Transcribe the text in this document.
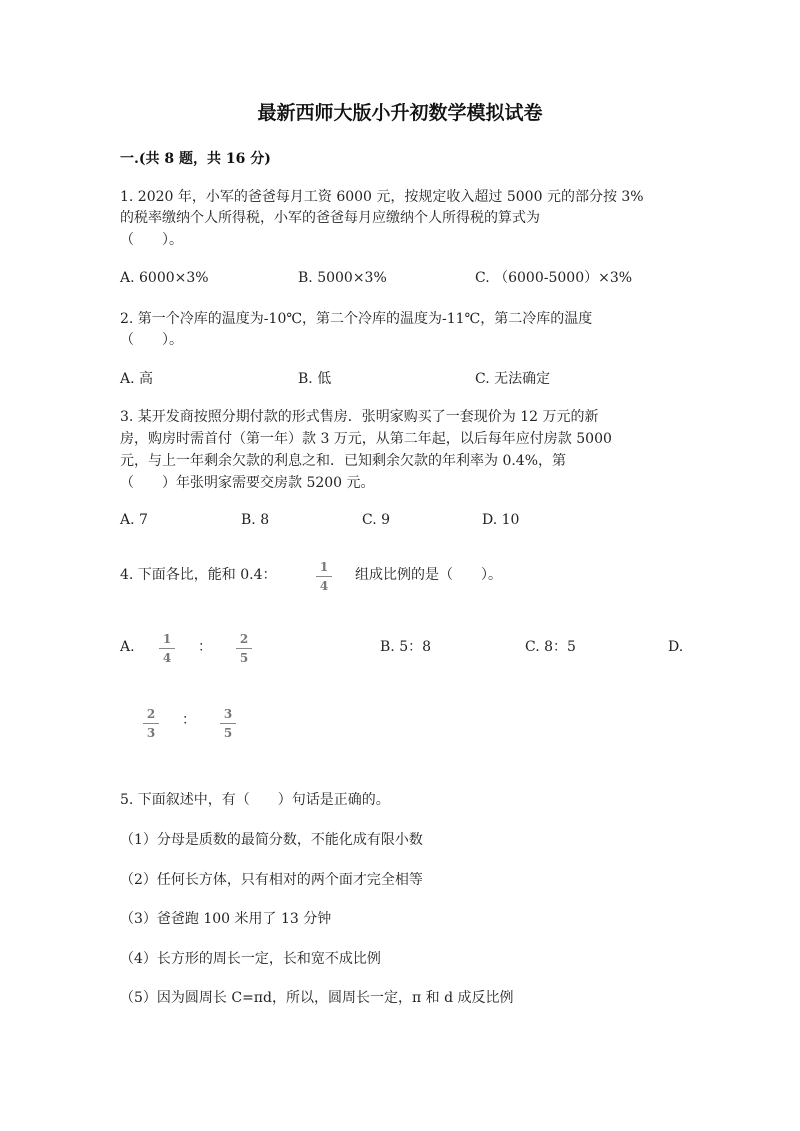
最新西师大版小升初数学模拟试卷
一.(共 8 题，共 16 分)
1. 2020 年，小军的爸爸每月工资 6000 元，按规定收入超过 5000 元的部分按 3%
的税率缴纳个人所得税，小军的爸爸每月应缴纳个人所得税的算式为
（　　）。
A. 6000×3%	B. 5000×3%	C. （6000-5000）×3%
2. 第一个冷库的温度为-10℃，第二个冷库的温度为-11℃，第二冷库的温度
（　　）。
A. 高	B. 低	C. 无法确定
3. 某开发商按照分期付款的形式售房．张明家购买了一套现价为 12 万元的新
房，购房时需首付（第一年）款 3 万元，从第二年起，以后每年应付房款 5000
元，与上一年剩余欠款的利息之和．已知剩余欠款的年利率为 0.4%，第
（　　）年张明家需要交房款 5200 元。
A. 7	B. 8	C. 9	D. 10
4. 下面各比，能和 0.4：	1
4
组成比例的是（　　）。
A.	1
4
：	2
5
B. 5：8	C. 8：5	D.
2
3
：	3
5
5. 下面叙述中，有（　　）句话是正确的。
（1）分母是质数的最简分数，不能化成有限小数
（2）任何长方体，只有相对的两个面才完全相等
（3）爸爸跑 100 米用了 13 分钟
（4）长方形的周长一定，长和宽不成比例
（5）因为圆周长 C=πd，所以，圆周长一定，π 和 d 成反比例
